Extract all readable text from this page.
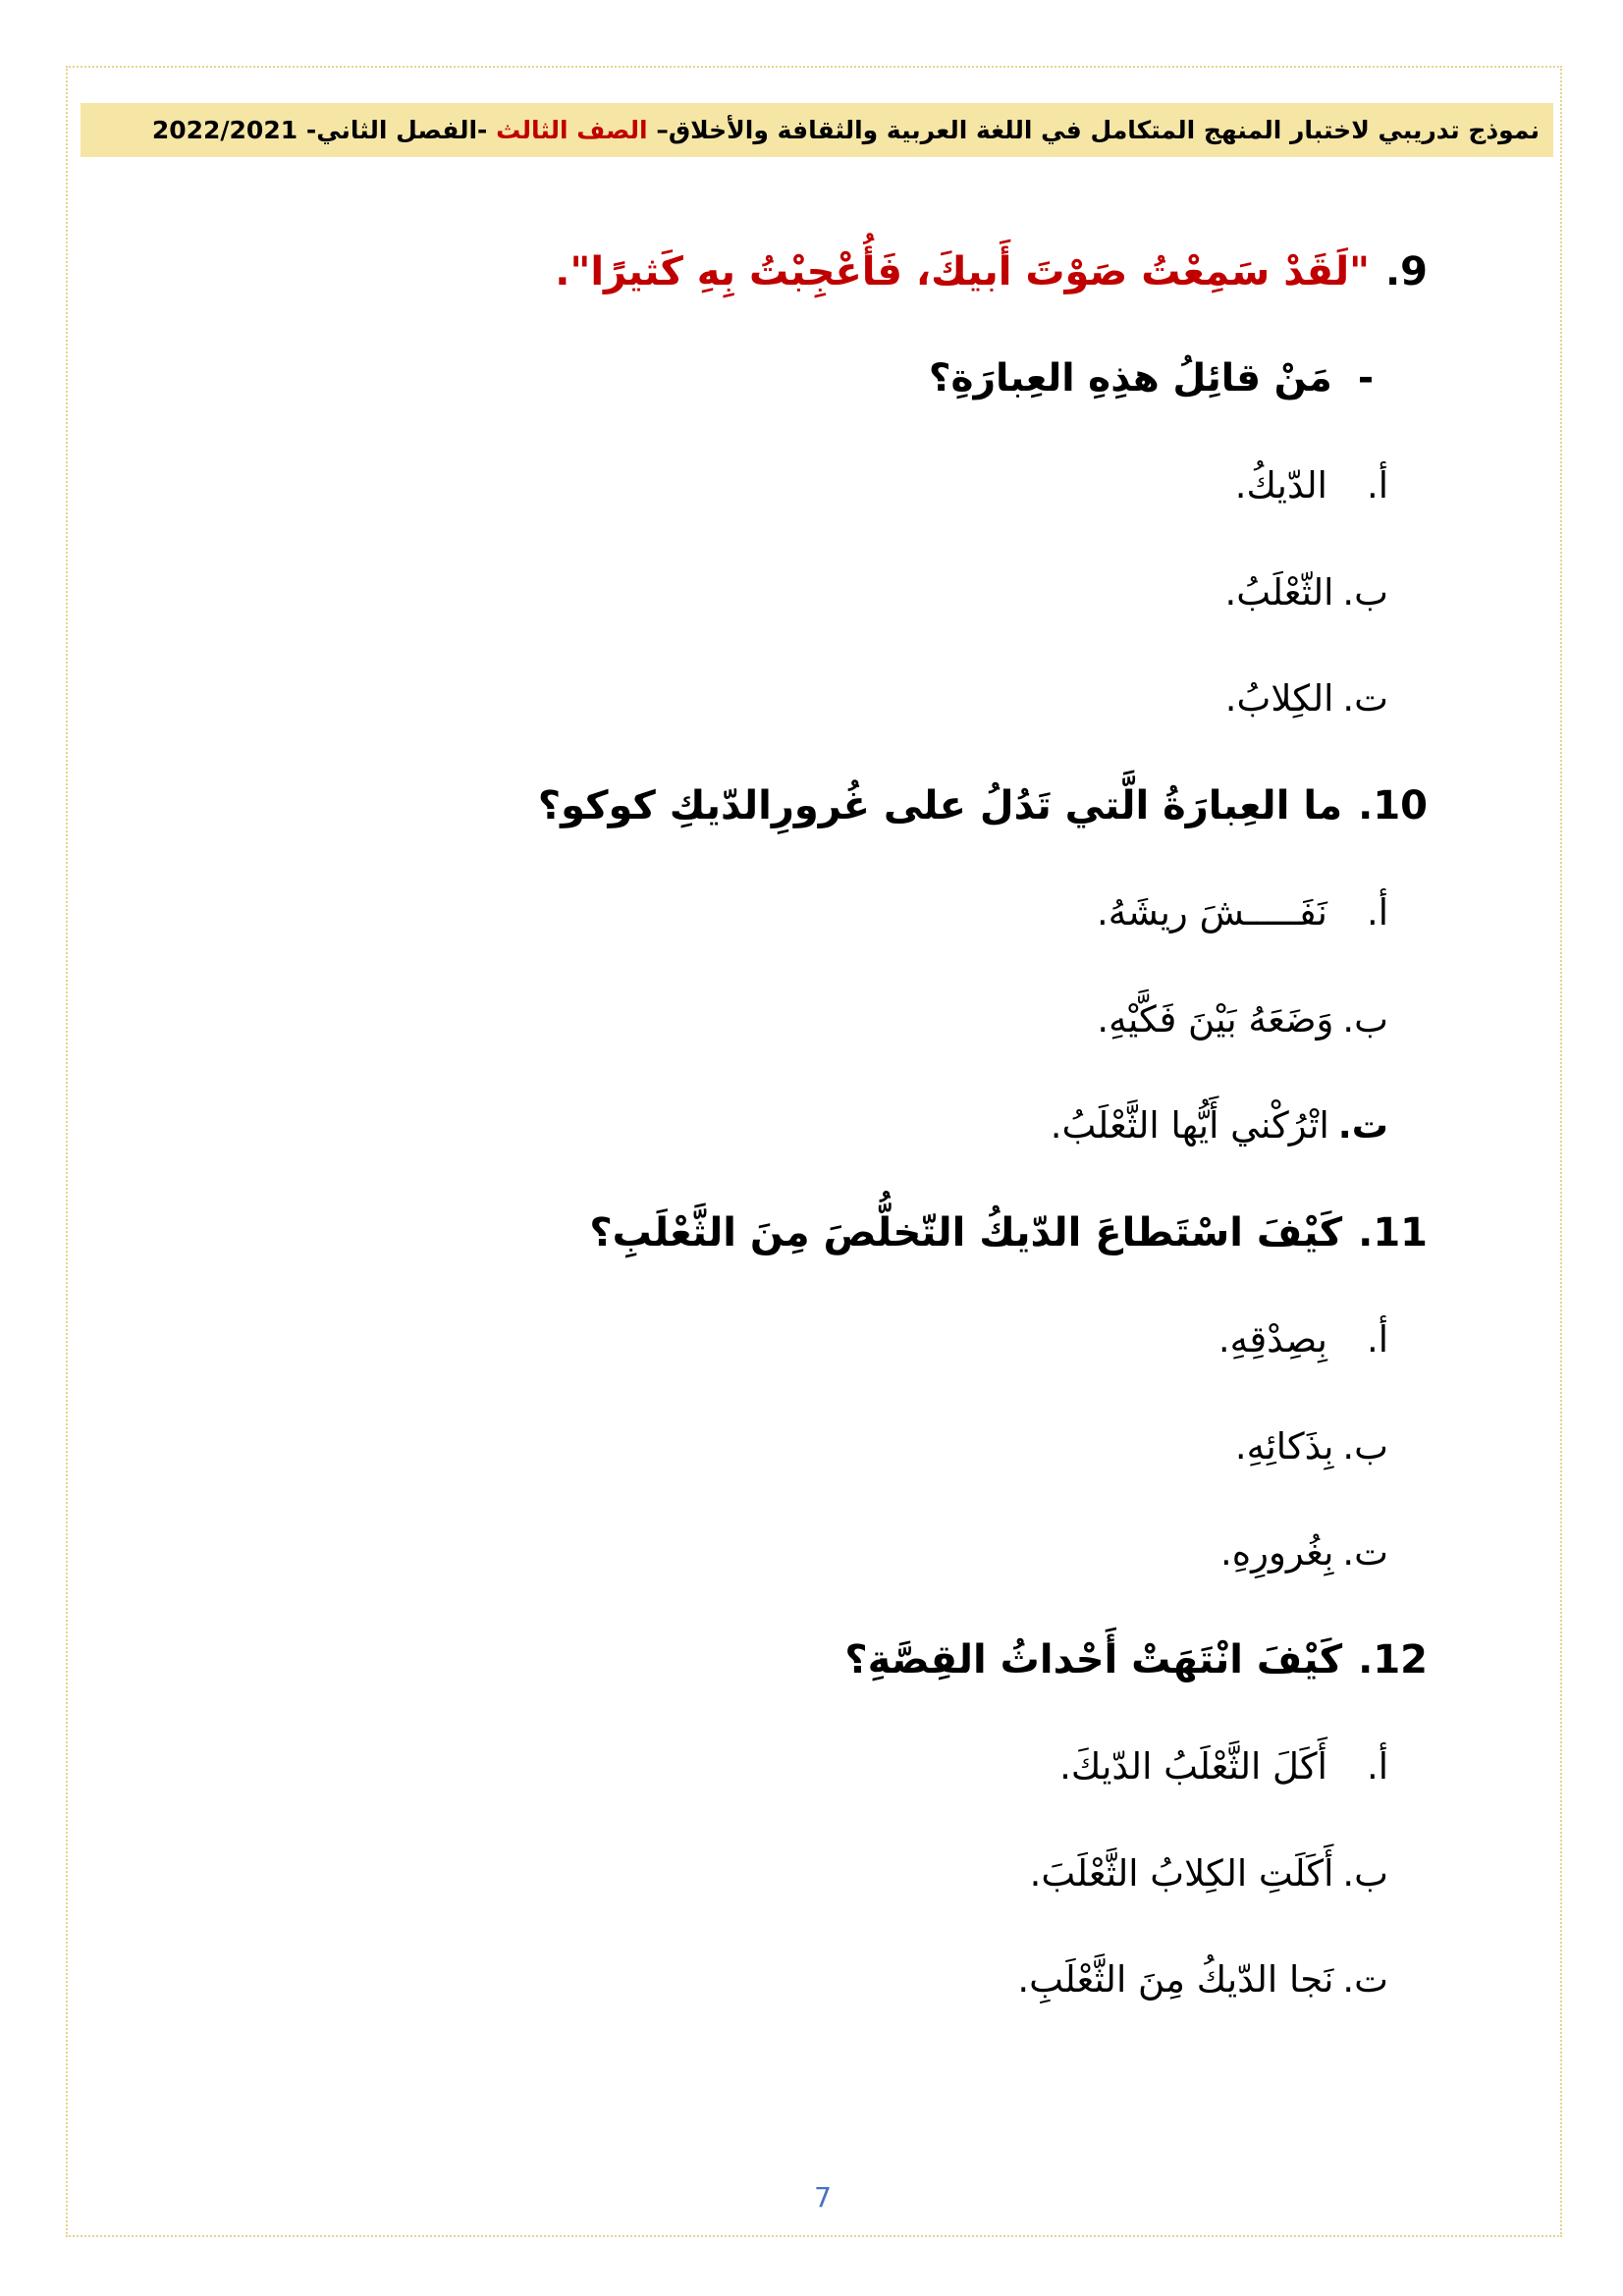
نموذج تدريبي لاختبار المنهج المتكامل في اللغة العربية والثقافة والأخلاق–

الصف الثالث

-الفصل الثاني- 2022/2021
9.
"لَقَدْ سَمِعْتُ صَوْتَ أَبيكَ، فَأُعْجِبْتُ بِهِ كَثيرًا".
-
مَنْ قائِلُ هذِهِ العِبارَةِ؟
أ.
الدّيكُ.
ب.
الثّعْلَبُ.
ت.
الكِلابُ.
10.
ما العِبارَةُ الَّتي تَدُلُ على غُرورِالدّيكِ كوكو؟
أ.
نَفَـــــشَ ريشَهُ.
ب.
وَضَعَهُ بَيْنَ فَكَّيْهِ.
ت.
اتْرُكْني أَيُّها الثَّعْلَبُ.
11.
كَيْفَ اسْتَطاعَ الدّيكُ التّخلُّصَ مِنَ الثَّعْلَبِ؟
أ.
بِصِدْقِهِ.
ب.
بِذَكائِهِ.
ت.
بِغُرورِهِ.
12.
كَيْفَ انْتَهَتْ أَحْداثُ القِصَّةِ؟
أ.
أَكَلَ الثَّعْلَبُ الدّيكَ.
ب.
أَكَلَتِ الكِلابُ الثَّعْلَبَ.
ت.
نَجا الدّيكُ مِنَ الثَّعْلَبِ.
7
